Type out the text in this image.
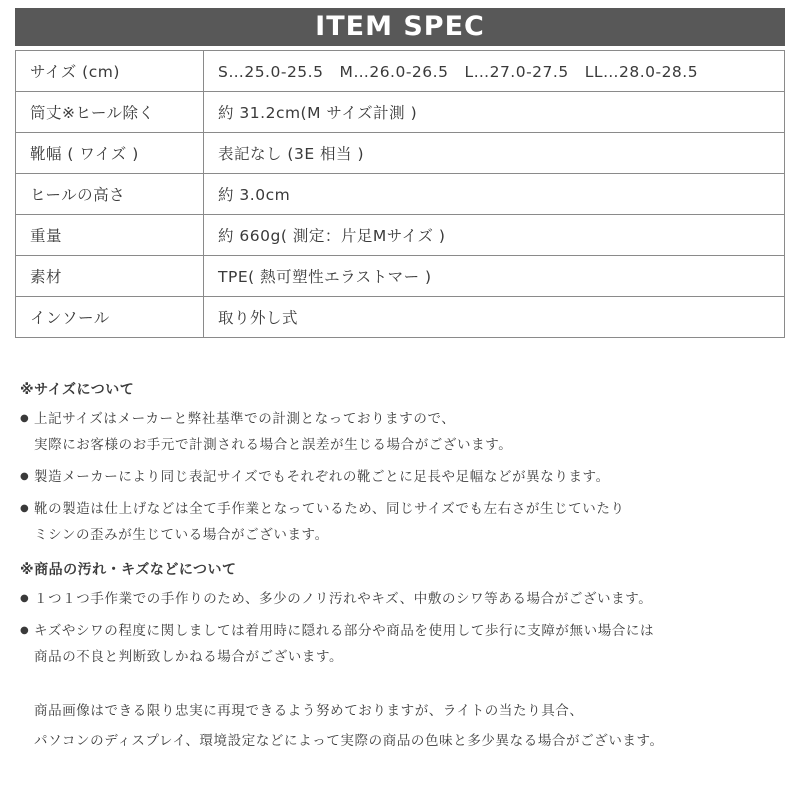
ITEM SPEC
サイズ (cm)	S…25.0-25.5　M…26.0-26.5　L…27.0-27.5　LL…28.0-28.5
筒丈※ヒール除く	約 31.2cm(M サイズ計測 )
靴幅 ( ワイズ )	表記なし (3E 相当 )
ヒールの高さ	約 3.0cm
重量	約 660g( 測定：片足Mサイズ )
素材	TPE( 熱可塑性エラストマー )
インソール	取り外し式
※サイズについて
● 上記サイズはメーカーと弊社基準での計測となっておりますので、
実際にお客様のお手元で計測される場合と誤差が生じる場合がございます。
● 製造メーカーにより同じ表記サイズでもそれぞれの靴ごとに足長や足幅などが異なります。
● 靴の製造は仕上げなどは全て手作業となっているため、同じサイズでも左右さが生じていたり
ミシンの歪みが生じている場合がございます。
※商品の汚れ・キズなどについて
● １つ１つ手作業での手作りのため、多少のノリ汚れやキズ、中敷のシワ等ある場合がございます。
● キズやシワの程度に関しましては着用時に隠れる部分や商品を使用して歩行に支障が無い場合には
商品の不良と判断致しかねる場合がございます。
商品画像はできる限り忠実に再現できるよう努めておりますが、ライトの当たり具合、
パソコンのディスプレイ、環境設定などによって実際の商品の色味と多少異なる場合がございます。
